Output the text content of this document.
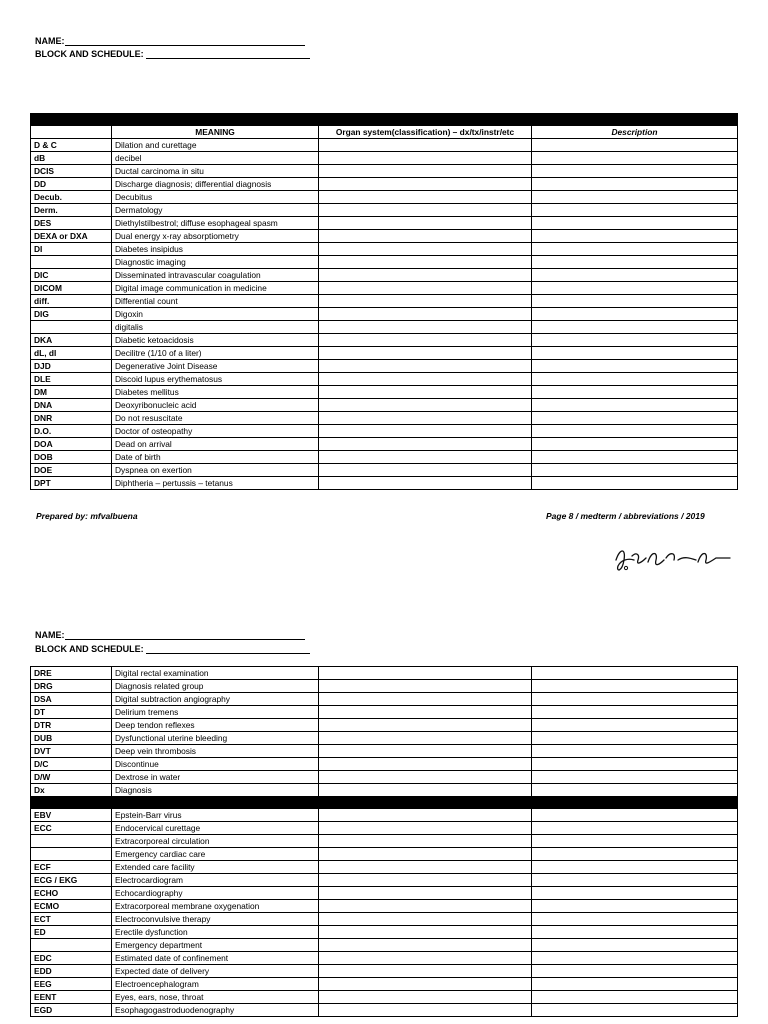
NAME:
BLOCK AND SCHEDULE:

	MEANING	Organ system(classification) – dx/tx/instr/etc	Description
D & C	Dilation and curettage		
dB	decibel		
DCIS	Ductal carcinoma in situ		
DD	Discharge diagnosis; differential diagnosis		
Decub.	Decubitus		
Derm.	Dermatology		
DES	Diethylstilbestrol; diffuse esophageal spasm		
DEXA or DXA	Dual energy x-ray absorptiometry		
DI	Diabetes insipidus		
	Diagnostic imaging		
DIC	Disseminated intravascular coagulation		
DICOM	Digital image communication in medicine		
diff.	Differential count		
DIG	Digoxin		
	digitalis		
DKA	Diabetic ketoacidosis		
dL, dl	Decilitre (1/10 of a liter)		
DJD	Degenerative Joint Disease		
DLE	Discoid lupus erythematosus		
DM	Diabetes mellitus		
DNA	Deoxyribonucleic acid		
DNR	Do not resuscitate		
D.O.	Doctor of osteopathy		
DOA	Dead on arrival		
DOB	Date of birth		
DOE	Dyspnea on exertion		
DPT	Diphtheria – pertussis – tetanus		
Prepared by: mfvalbuena	Page 8 / medterm / abbreviations / 2019
NAME:
BLOCK AND SCHEDULE:
DRE	Digital rectal examination		
DRG	Diagnosis related group		
DSA	Digital subtraction angiography		
DT	Delirium tremens		
DTR	Deep tendon reflexes		
DUB	Dysfunctional uterine bleeding		
DVT	Deep vein thrombosis		
D/C	Discontinue		
D/W	Dextrose in water		
Dx	Diagnosis		

EBV	Epstein-Barr virus		
ECC	Endocervical curettage		
	Extracorporeal circulation		
	Emergency cardiac care		
ECF	Extended care facility		
ECG / EKG	Electrocardiogram		
ECHO	Echocardiography		
ECMO	Extracorporeal membrane oxygenation		
ECT	Electroconvulsive therapy		
ED	Erectile dysfunction		
	Emergency department		
EDC	Estimated date of confinement		
EDD	Expected date of delivery		
EEG	Electroencephalogram		
EENT	Eyes, ears, nose, throat		
EGD	Esophagogastroduodenography		
